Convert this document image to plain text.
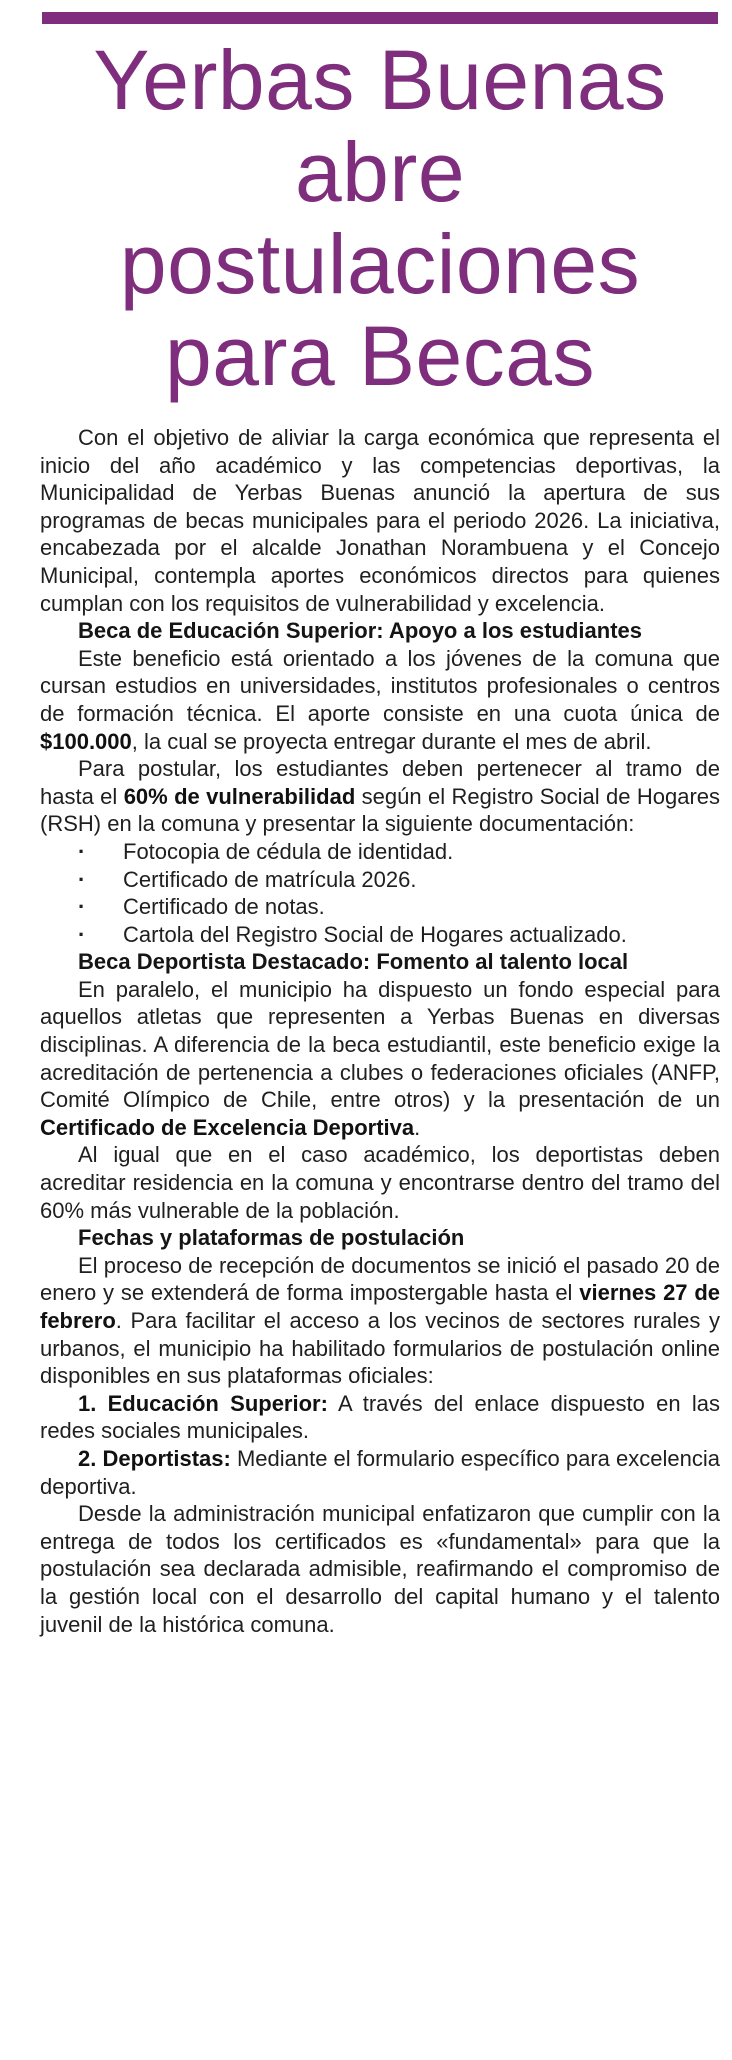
Yerbas Buenas
abre
postulaciones
para Becas

Con el objetivo de aliviar la carga económica que representa el inicio del año académico y las competencias deportivas, la Municipalidad de Yerbas Buenas anunció la apertura de sus programas de becas municipales para el periodo 2026. La iniciativa, encabezada por el alcalde Jonathan Norambuena y el Concejo Municipal, contempla aportes económicos directos para quienes cumplan con los requisitos de vulnerabilidad y excelencia.

Beca de Educación Superior: Apoyo a los estudiantes

Este beneficio está orientado a los jóvenes de la comuna que cursan estudios en universidades, institutos profesionales o centros de formación técnica. El aporte consiste en una cuota única de $100.000, la cual se proyecta entregar durante el mes de abril.

Para postular, los estudiantes deben pertenecer al tramo de hasta el 60% de vulnerabilidad según el Registro Social de Hogares (RSH) en la comuna y presentar la siguiente documentación:

· Fotocopia de cédula de identidad.
· Certificado de matrícula 2026.
· Certificado de notas.
· Cartola del Registro Social de Hogares actualizado.
Beca Deportista Destacado: Fomento al talento local

En paralelo, el municipio ha dispuesto un fondo especial para aquellos atletas que representen a Yerbas Buenas en diversas disciplinas. A diferencia de la beca estudiantil, este beneficio exige la acreditación de pertenencia a clubes o federaciones oficiales (ANFP, Comité Olímpico de Chile, entre otros) y la presentación de un Certificado de Excelencia Deportiva.

Al igual que en el caso académico, los deportistas deben acreditar residencia en la comuna y encontrarse dentro del tramo del 60% más vulnerable de la población.

Fechas y plataformas de postulación

El proceso de recepción de documentos se inició el pasado 20 de enero y se extenderá de forma impostergable hasta el viernes 27 de febrero. Para facilitar el acceso a los vecinos de sectores rurales y urbanos, el municipio ha habilitado formularios de postulación online disponibles en sus plataformas oficiales:

1. Educación Superior: A través del enlace dispuesto en las redes sociales municipales.

2. Deportistas: Mediante el formulario específico para excelencia deportiva.

Desde la administración municipal enfatizaron que cumplir con la entrega de todos los certificados es «fundamental» para que la postulación sea declarada admisible, reafirmando el compromiso de la gestión local con el desarrollo del capital humano y el talento juvenil de la histórica comuna.
